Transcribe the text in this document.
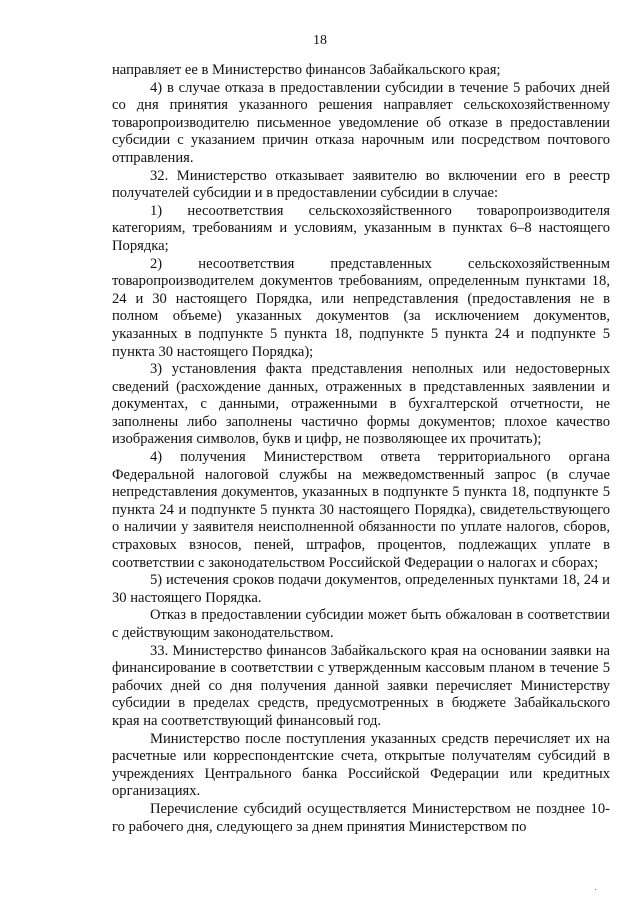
18

направляет ее в Министерство финансов Забайкальского края;

4) в случае отказа в предоставлении субсидии в течение 5 рабочих дней со дня принятия указанного решения направляет сельскохозяйственному товаропроизводителю письменное уведомление об отказе в предоставлении субсидии с указанием причин отказа нарочным или посредством почтового отправления.

32. Министерство отказывает заявителю во включении его в реестр получателей субсидии и в предоставлении субсидии в случае:

1) несоответствия сельскохозяйственного товаропроизводителя категориям, требованиям и условиям, указанным в пунктах 6–8 настоящего Порядка;

2) несоответствия представленных сельскохозяйственным товаропроизводителем документов требованиям, определенным пунктами 18, 24 и 30 настоящего Порядка, или непредставления (предоставления не в полном объеме) указанных документов (за исключением документов, указанных в подпункте 5 пункта 18, подпункте 5 пункта 24 и подпункте 5 пункта 30 настоящего Порядка);

3) установления факта представления неполных или недостоверных сведений (расхождение данных, отраженных в представленных заявлении и документах, с данными, отраженными в бухгалтерской отчетности, не заполнены либо заполнены частично формы документов; плохое качество изображения символов, букв и цифр, не позволяющее их прочитать);

4) получения Министерством ответа территориального органа Федеральной налоговой службы на межведомственный запрос (в случае непредставления документов, указанных в подпункте 5 пункта 18, подпункте 5 пункта 24 и подпункте 5 пункта 30 настоящего Порядка), свидетельствующего о наличии у заявителя неисполненной обязанности по уплате налогов, сборов, страховых взносов, пеней, штрафов, процентов, подлежащих уплате в соответствии с законодательством Российской Федерации о налогах и сборах;

5) истечения сроков подачи документов, определенных пунктами 18, 24 и 30 настоящего Порядка.

Отказ в предоставлении субсидии может быть обжалован в соответствии с действующим законодательством.

33. Министерство финансов Забайкальского края на основании заявки на финансирование в соответствии с утвержденным кассовым планом в течение 5 рабочих дней со дня получения данной заявки перечисляет Министерству субсидии в пределах средств, предусмотренных в бюджете Забайкальского края на соответствующий финансовый год.

Министерство после поступления указанных средств перечисляет их на расчетные или корреспондентские счета, открытые получателям субсидий в учреждениях Центрального банка Российской Федерации или кредитных организациях.

Перечисление субсидий осуществляется Министерством не позднее 10-го рабочего дня, следующего за днем принятия Министерством по

·
